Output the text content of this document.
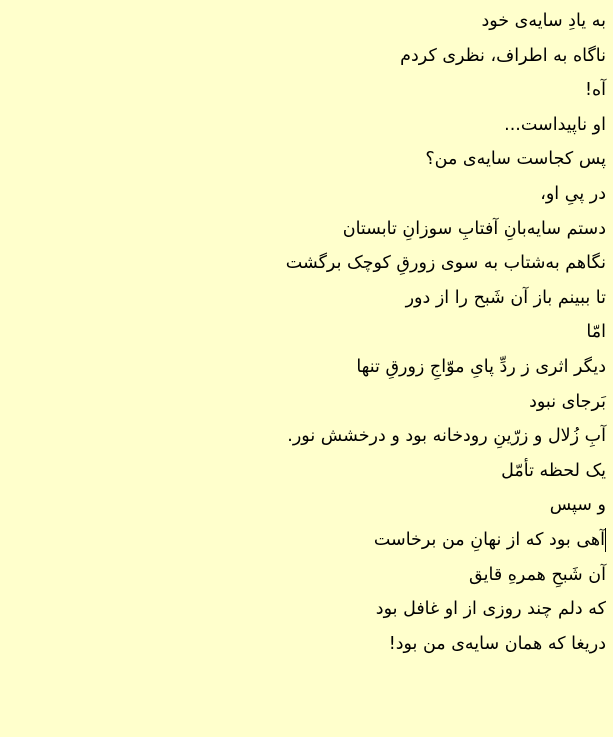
به یادِ سایه‌ی خود
ناگاه به اطراف، نظری کردم
آه!
او ناپیداست...
پس کجاست سایه‌ی من؟
در پیِ او،
دستم سایه‌بانِ آفتابِ سوزانِ تابستان
نگاهم به‌شتاب به سوی زورقِ کوچک برگشت
تا ببینم باز آن شَبح را از دور
امّا
دیگر اثری ز ردِّ پایِ موّاجِ زورقِ تنها
بَرجای نبود
آبِ زُلال و زرّینِ رودخانه بود و درخشش نور.
یک لحظه تأمّل
و سپس
آهی بود که از نهانِ من برخاست
آن شَبحِ همرهِ قایق
که دلم چند روزی از او غافل بود
دریغا که همان سایه‌ی من بود!
